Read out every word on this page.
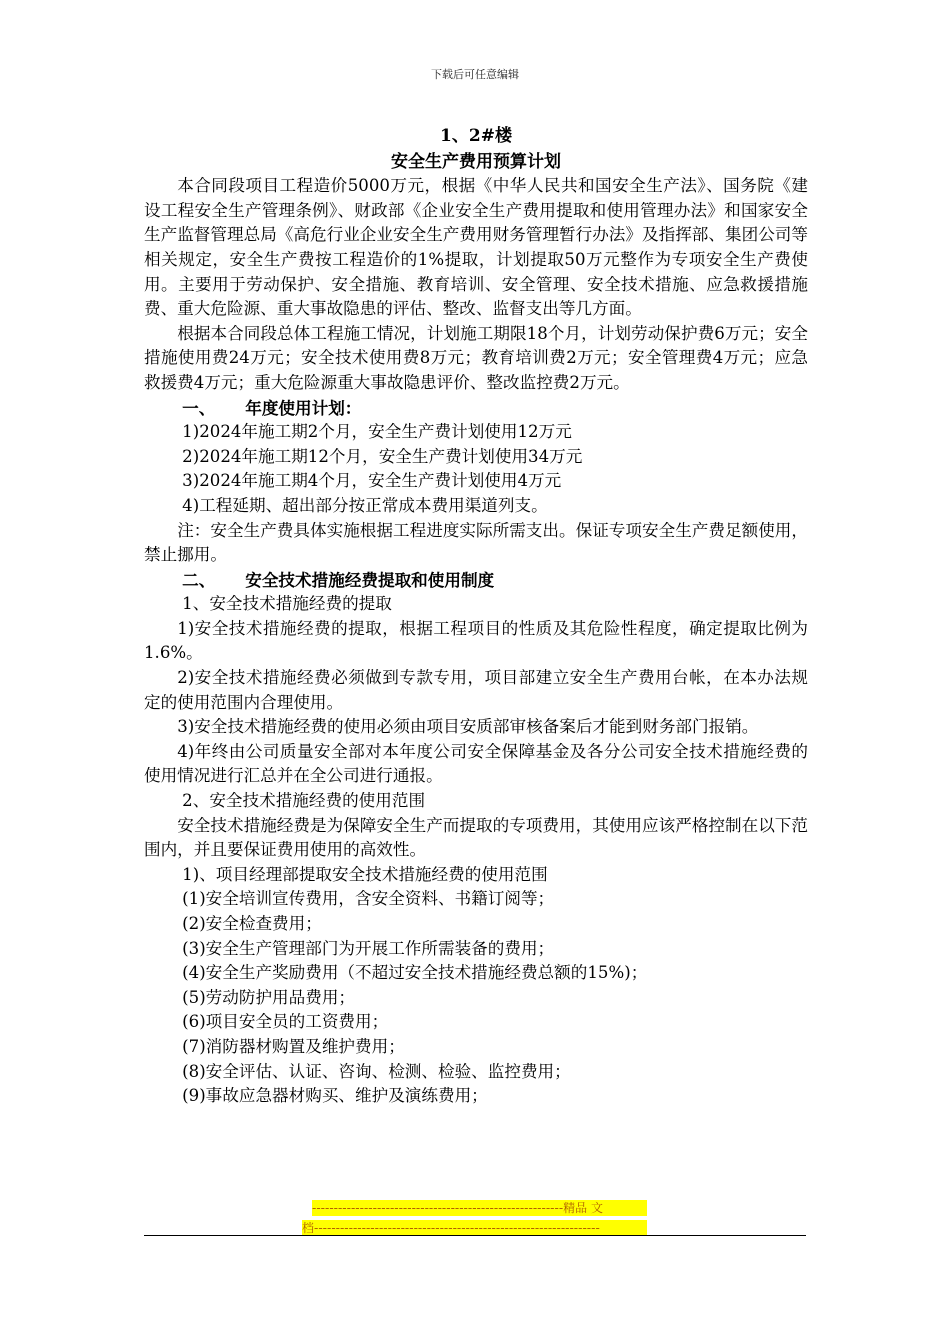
下载后可任意编辑
1、2#楼
安全生产费用预算计划

本合同段项目工程造价5000万元，根据《中华人民共和国安全生产法》、国务院《建设工程安全生产管理条例》、财政部《企业安全生产费用提取和使用管理办法》和国家安全生产监督管理总局《高危行业企业安全生产费用财务管理暂行办法》及指挥部、集团公司等相关规定，安全生产费按工程造价的1%提取，计划提取50万元整作为专项安全生产费使用。主要用于劳动保护、安全措施、教育培训、安全管理、安全技术措施、应急救援措施费、重大危险源、重大事故隐患的评估、整改、监督支出等几方面。

根据本合同段总体工程施工情况，计划施工期限18个月，计划劳动保护费6万元；安全措施使用费24万元；安全技术使用费8万元；教育培训费2万元；安全管理费4万元；应急救援费4万元；重大危险源重大事故隐患评价、整改监控费2万元。

一、 年度使用计划：
1)2024年施工期2个月，安全生产费计划使用12万元
2)2024年施工期12个月，安全生产费计划使用34万元
3)2024年施工期4个月，安全生产费计划使用4万元
4)工程延期、超出部分按正常成本费用渠道列支。

注：安全生产费具体实施根据工程进度实际所需支出。保证专项安全生产费足额使用，禁止挪用。

二、 安全技术措施经费提取和使用制度
1、安全技术措施经费的提取

1)安全技术措施经费的提取，根据工程项目的性质及其危险性程度，确定提取比例为1.6%。

2)安全技术措施经费必须做到专款专用，项目部建立安全生产费用台帐，在本办法规定的使用范围内合理使用。

3)安全技术措施经费的使用必须由项目安质部审核备案后才能到财务部门报销。

4)年终由公司质量安全部对本年度公司安全保障基金及各分公司安全技术措施经费的使用情况进行汇总并在全公司进行通报。

2、安全技术措施经费的使用范围

安全技术措施经费是为保障安全生产而提取的专项费用，其使用应该严格控制在以下范围内，并且要保证费用使用的高效性。

1)、项目经理部提取安全技术措施经费的使用范围
(1)安全培训宣传费用，含安全资料、书籍订阅等；
(2)安全检查费用；
(3)安全生产管理部门为开展工作所需装备的费用；
(4)安全生产奖励费用（不超过安全技术措施经费总额的15%)；
(5)劳动防护用品费用；
(6)项目安全员的工资费用；
(7)消防器材购置及维护费用；
(8)安全评估、认证、咨询、检测、检验、监控费用；
(9)事故应急器材购买、维护及演练费用；
----------------------------------------------------------精品 文
档------------------------------------------------------------------
